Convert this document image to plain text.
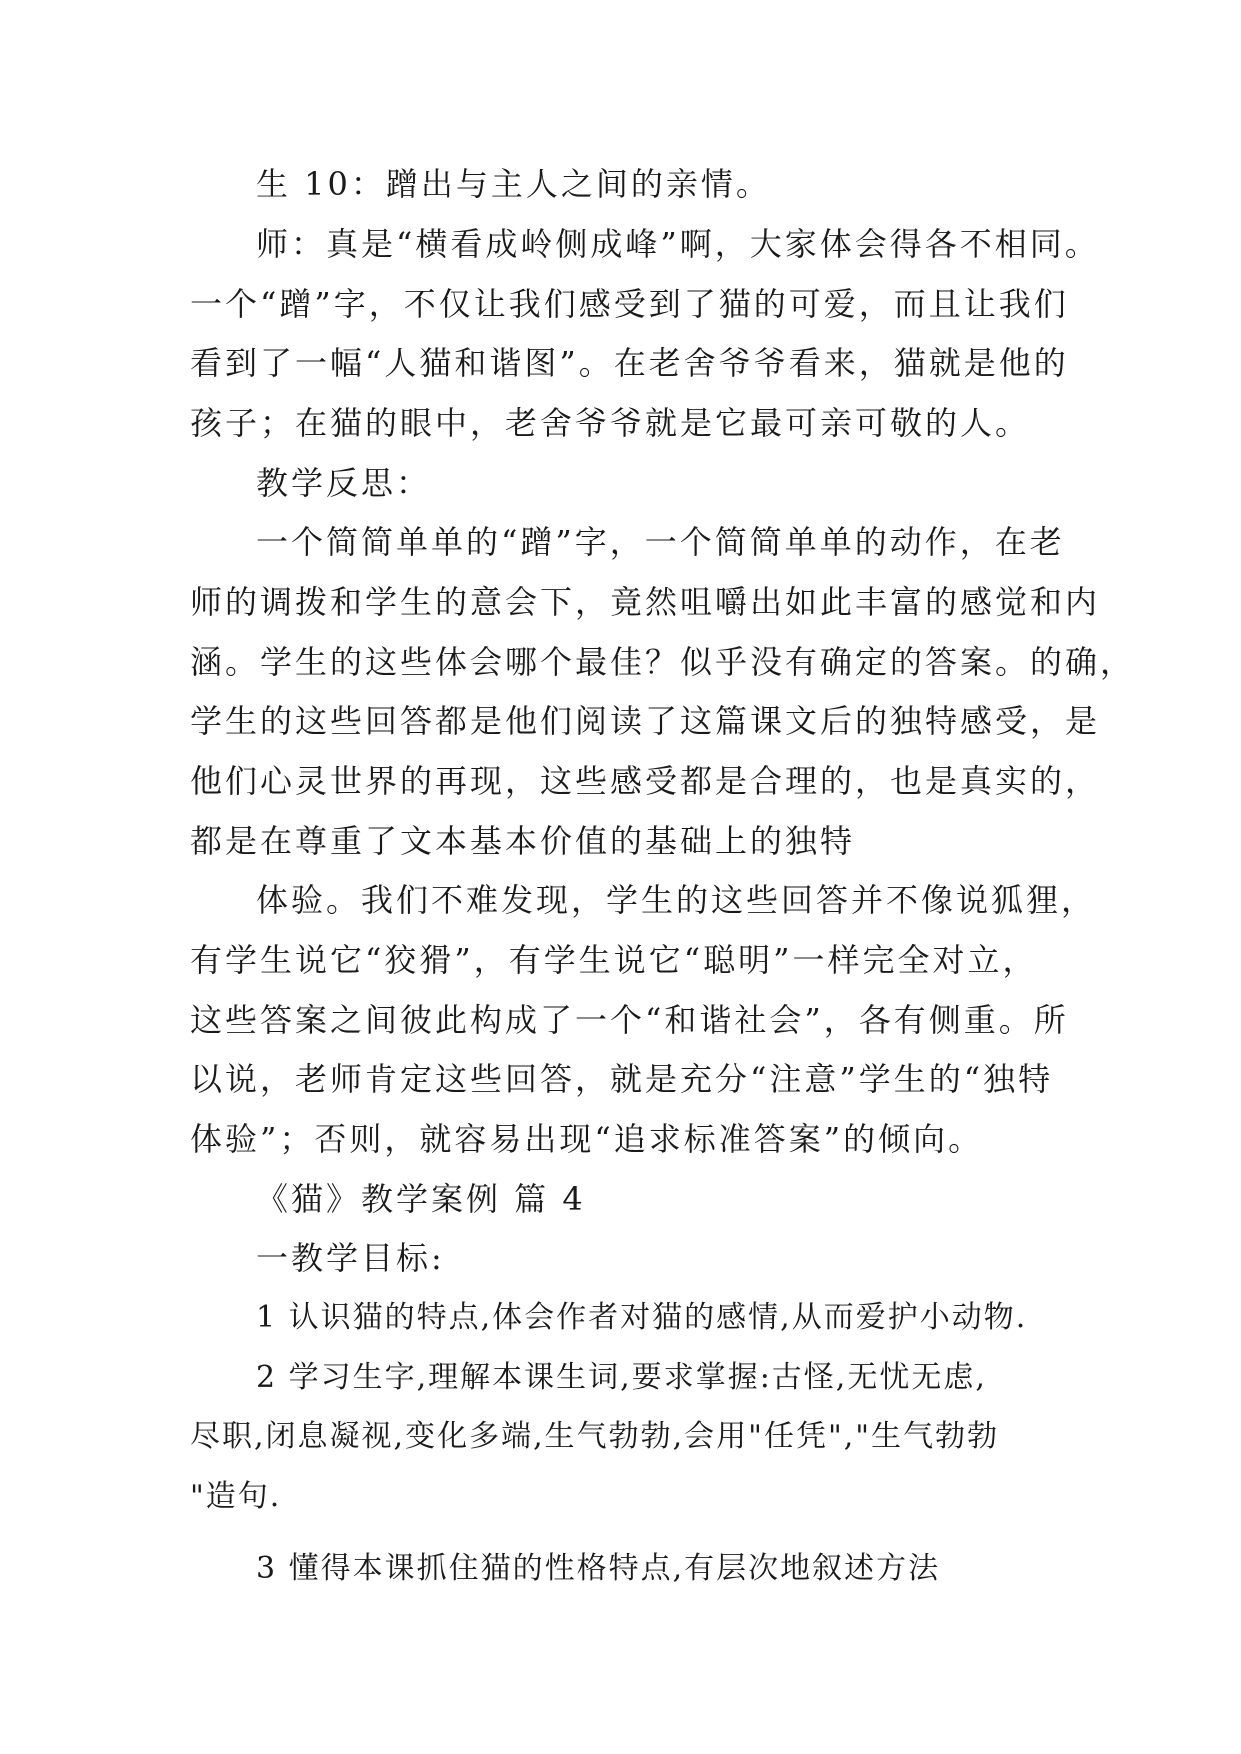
生 10：蹭出与主人之间的亲情。
师：真是“横看成岭侧成峰”啊，大家体会得各不相同。
一个“蹭”字，不仅让我们感受到了猫的可爱，而且让我们
看到了一幅“人猫和谐图”。在老舍爷爷看来，猫就是他的
孩子；在猫的眼中，老舍爷爷就是它最可亲可敬的人。
教学反思：
一个简简单单的“蹭”字，一个简简单单的动作，在老
师的调拨和学生的意会下，竟然咀嚼出如此丰富的感觉和内
涵。学生的这些体会哪个最佳？似乎没有确定的答案。的确，
学生的这些回答都是他们阅读了这篇课文后的独特感受，是
他们心灵世界的再现，这些感受都是合理的，也是真实的，
都是在尊重了文本基本价值的基础上的独特
体验。我们不难发现，学生的这些回答并不像说狐狸，
有学生说它“狡猾”，有学生说它“聪明”一样完全对立，
这些答案之间彼此构成了一个“和谐社会”，各有侧重。所
以说，老师肯定这些回答，就是充分“注意”学生的“独特
体验”；否则，就容易出现“追求标准答案”的倾向。
《猫》教学案例 篇 4
一教学目标:
1 认识猫的特点,体会作者对猫的感情,从而爱护小动物.
2 学习生字,理解本课生词,要求掌握:古怪,无忧无虑,
尽职,闭息凝视,变化多端,生气勃勃,会用"任凭","生气勃勃
"造句.
3 懂得本课抓住猫的性格特点,有层次地叙述方法
